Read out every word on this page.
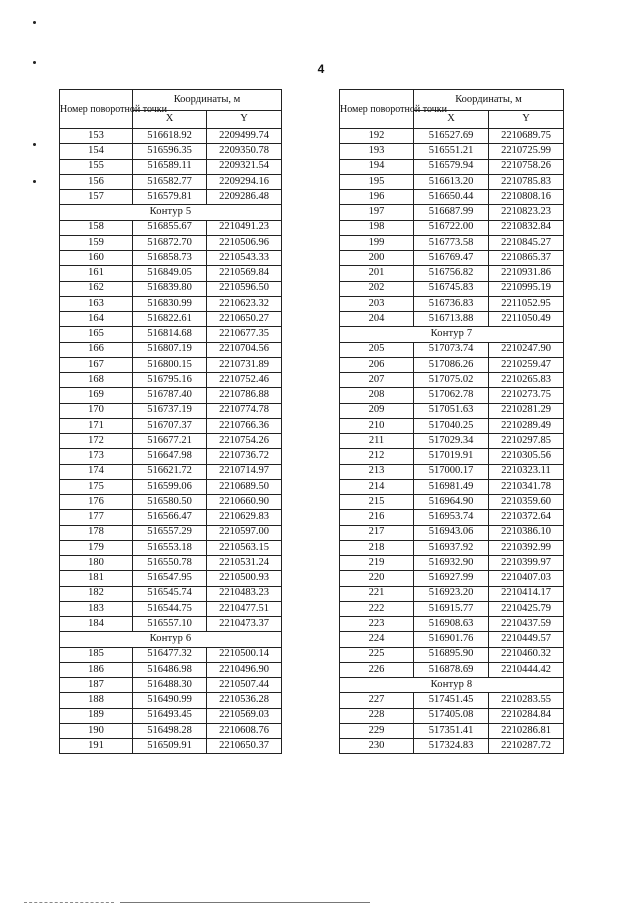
4
Номер поворотной точки	Координаты, м	
	X	Y
153	516618.92	2209499.74
154	516596.35	2209350.78
155	516589.11	2209321.54
156	516582.77	2209294.16
157	516579.81	2209286.48
Контур 5		
158	516855.67	2210491.23
159	516872.70	2210506.96
160	516858.73	2210543.33
161	516849.05	2210569.84
162	516839.80	2210596.50
163	516830.99	2210623.32
164	516822.61	2210650.27
165	516814.68	2210677.35
166	516807.19	2210704.56
167	516800.15	2210731.89
168	516795.16	2210752.46
169	516787.40	2210786.88
170	516737.19	2210774.78
171	516707.37	2210766.36
172	516677.21	2210754.26
173	516647.98	2210736.72
174	516621.72	2210714.97
175	516599.06	2210689.50
176	516580.50	2210660.90
177	516566.47	2210629.83
178	516557.29	2210597.00
179	516553.18	2210563.15
180	516550.78	2210531.24
181	516547.95	2210500.93
182	516545.74	2210483.23
183	516544.75	2210477.51
184	516557.10	2210473.37
Контур 6		
185	516477.32	2210500.14
186	516486.98	2210496.90
187	516488.30	2210507.44
188	516490.99	2210536.28
189	516493.45	2210569.03
190	516498.28	2210608.76
191	516509.91	2210650.37
Номер поворотной точки	Координаты, м	
	X	Y
192	516527.69	2210689.75
193	516551.21	2210725.99
194	516579.94	2210758.26
195	516613.20	2210785.83
196	516650.44	2210808.16
197	516687.99	2210823.23
198	516722.00	2210832.84
199	516773.58	2210845.27
200	516769.47	2210865.37
201	516756.82	2210931.86
202	516745.83	2210995.19
203	516736.83	2211052.95
204	516713.88	2211050.49
Контур 7		
205	517073.74	2210247.90
206	517086.26	2210259.47
207	517075.02	2210265.83
208	517062.78	2210273.75
209	517051.63	2210281.29
210	517040.25	2210289.49
211	517029.34	2210297.85
212	517019.91	2210305.56
213	517000.17	2210323.11
214	516981.49	2210341.78
215	516964.90	2210359.60
216	516953.74	2210372.64
217	516943.06	2210386.10
218	516937.92	2210392.99
219	516932.90	2210399.97
220	516927.99	2210407.03
221	516923.20	2210414.17
222	516915.77	2210425.79
223	516908.63	2210437.59
224	516901.76	2210449.57
225	516895.90	2210460.32
226	516878.69	2210444.42
Контур 8		
227	517451.45	2210283.55
228	517405.08	2210284.84
229	517351.41	2210286.81
230	517324.83	2210287.72
